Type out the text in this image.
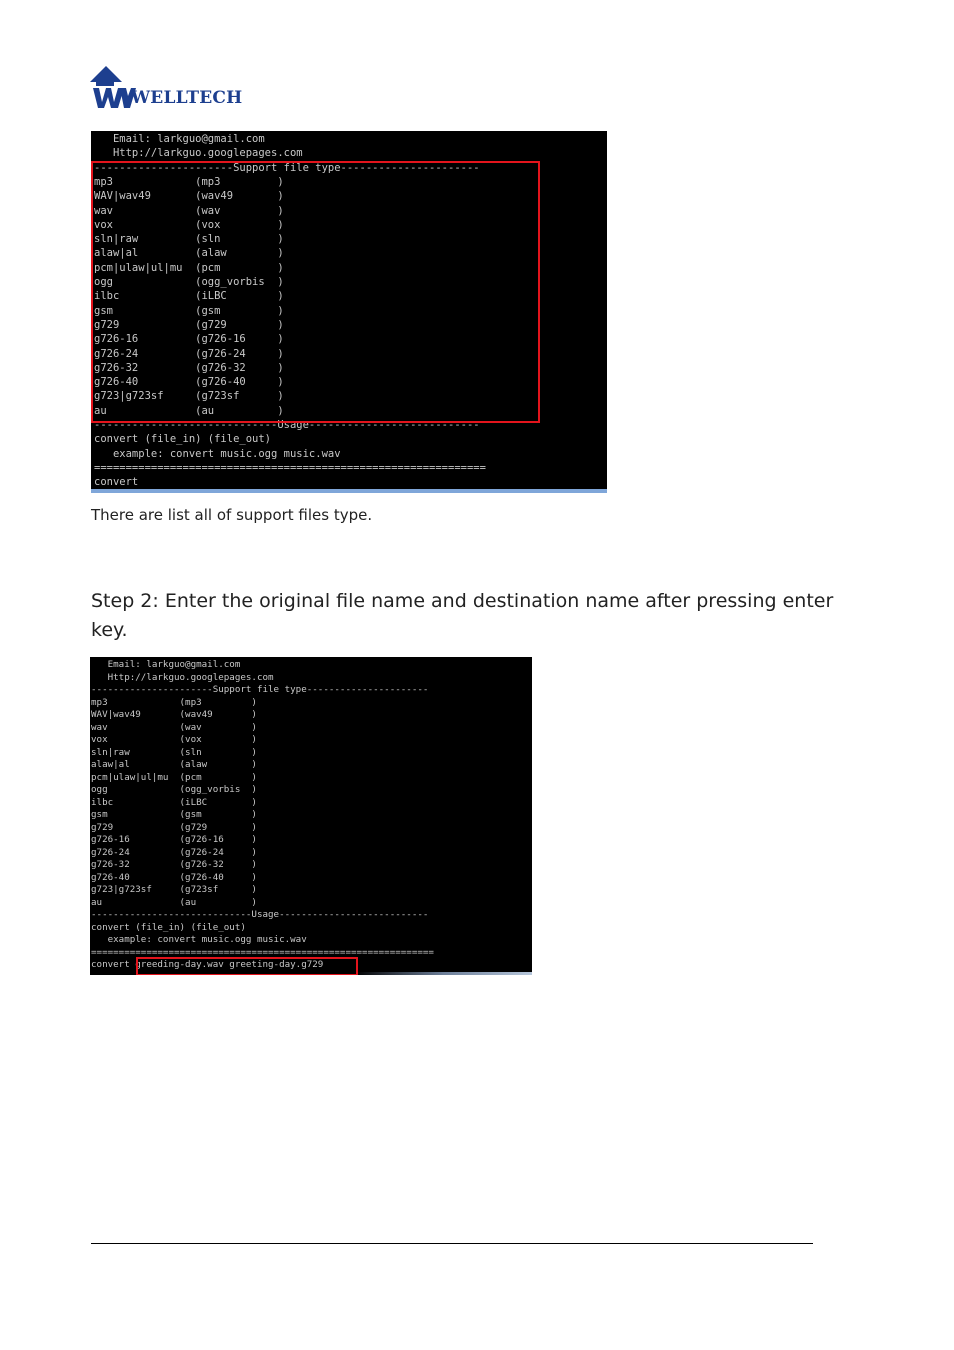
WELLTECH
convert
==============================================================
example: convert music.ogg music.wav
convert (file_in) (file_out)
-----------------------------Usage---------------------------
au              (au          )
g723|g723sf     (g723sf      )
g726-40         (g726-40     )
g726-32         (g726-32     )
g726-24         (g726-24     )
g726-16         (g726-16     )
g729            (g729        )
gsm             (gsm         )
ilbc            (iLBC        )
ogg             (ogg_vorbis  )
pcm|ulaw|ul|mu  (pcm         )
alaw|al         (alaw        )
sln|raw         (sln         )
vox             (vox         )
wav             (wav         )
WAV|wav49       (wav49       )
mp3             (mp3         )
----------------------Support file type----------------------
Http://larkguo.googlepages.com
Email: larkguo@gmail.com
There are list all of support files type.
Step 2: Enter the original file name and destination name after pressing enter key.
convert greeding-day.wav greeting-day.g729
==============================================================
example: convert music.ogg music.wav
convert (file_in) (file_out)
-----------------------------Usage---------------------------
au              (au          )
g723|g723sf     (g723sf      )
g726-40         (g726-40     )
g726-32         (g726-32     )
g726-24         (g726-24     )
g726-16         (g726-16     )
g729            (g729        )
gsm             (gsm         )
ilbc            (iLBC        )
ogg             (ogg_vorbis  )
pcm|ulaw|ul|mu  (pcm         )
alaw|al         (alaw        )
sln|raw         (sln         )
vox             (vox         )
wav             (wav         )
WAV|wav49       (wav49       )
mp3             (mp3         )
----------------------Support file type----------------------
Http://larkguo.googlepages.com
Email: larkguo@gmail.com
